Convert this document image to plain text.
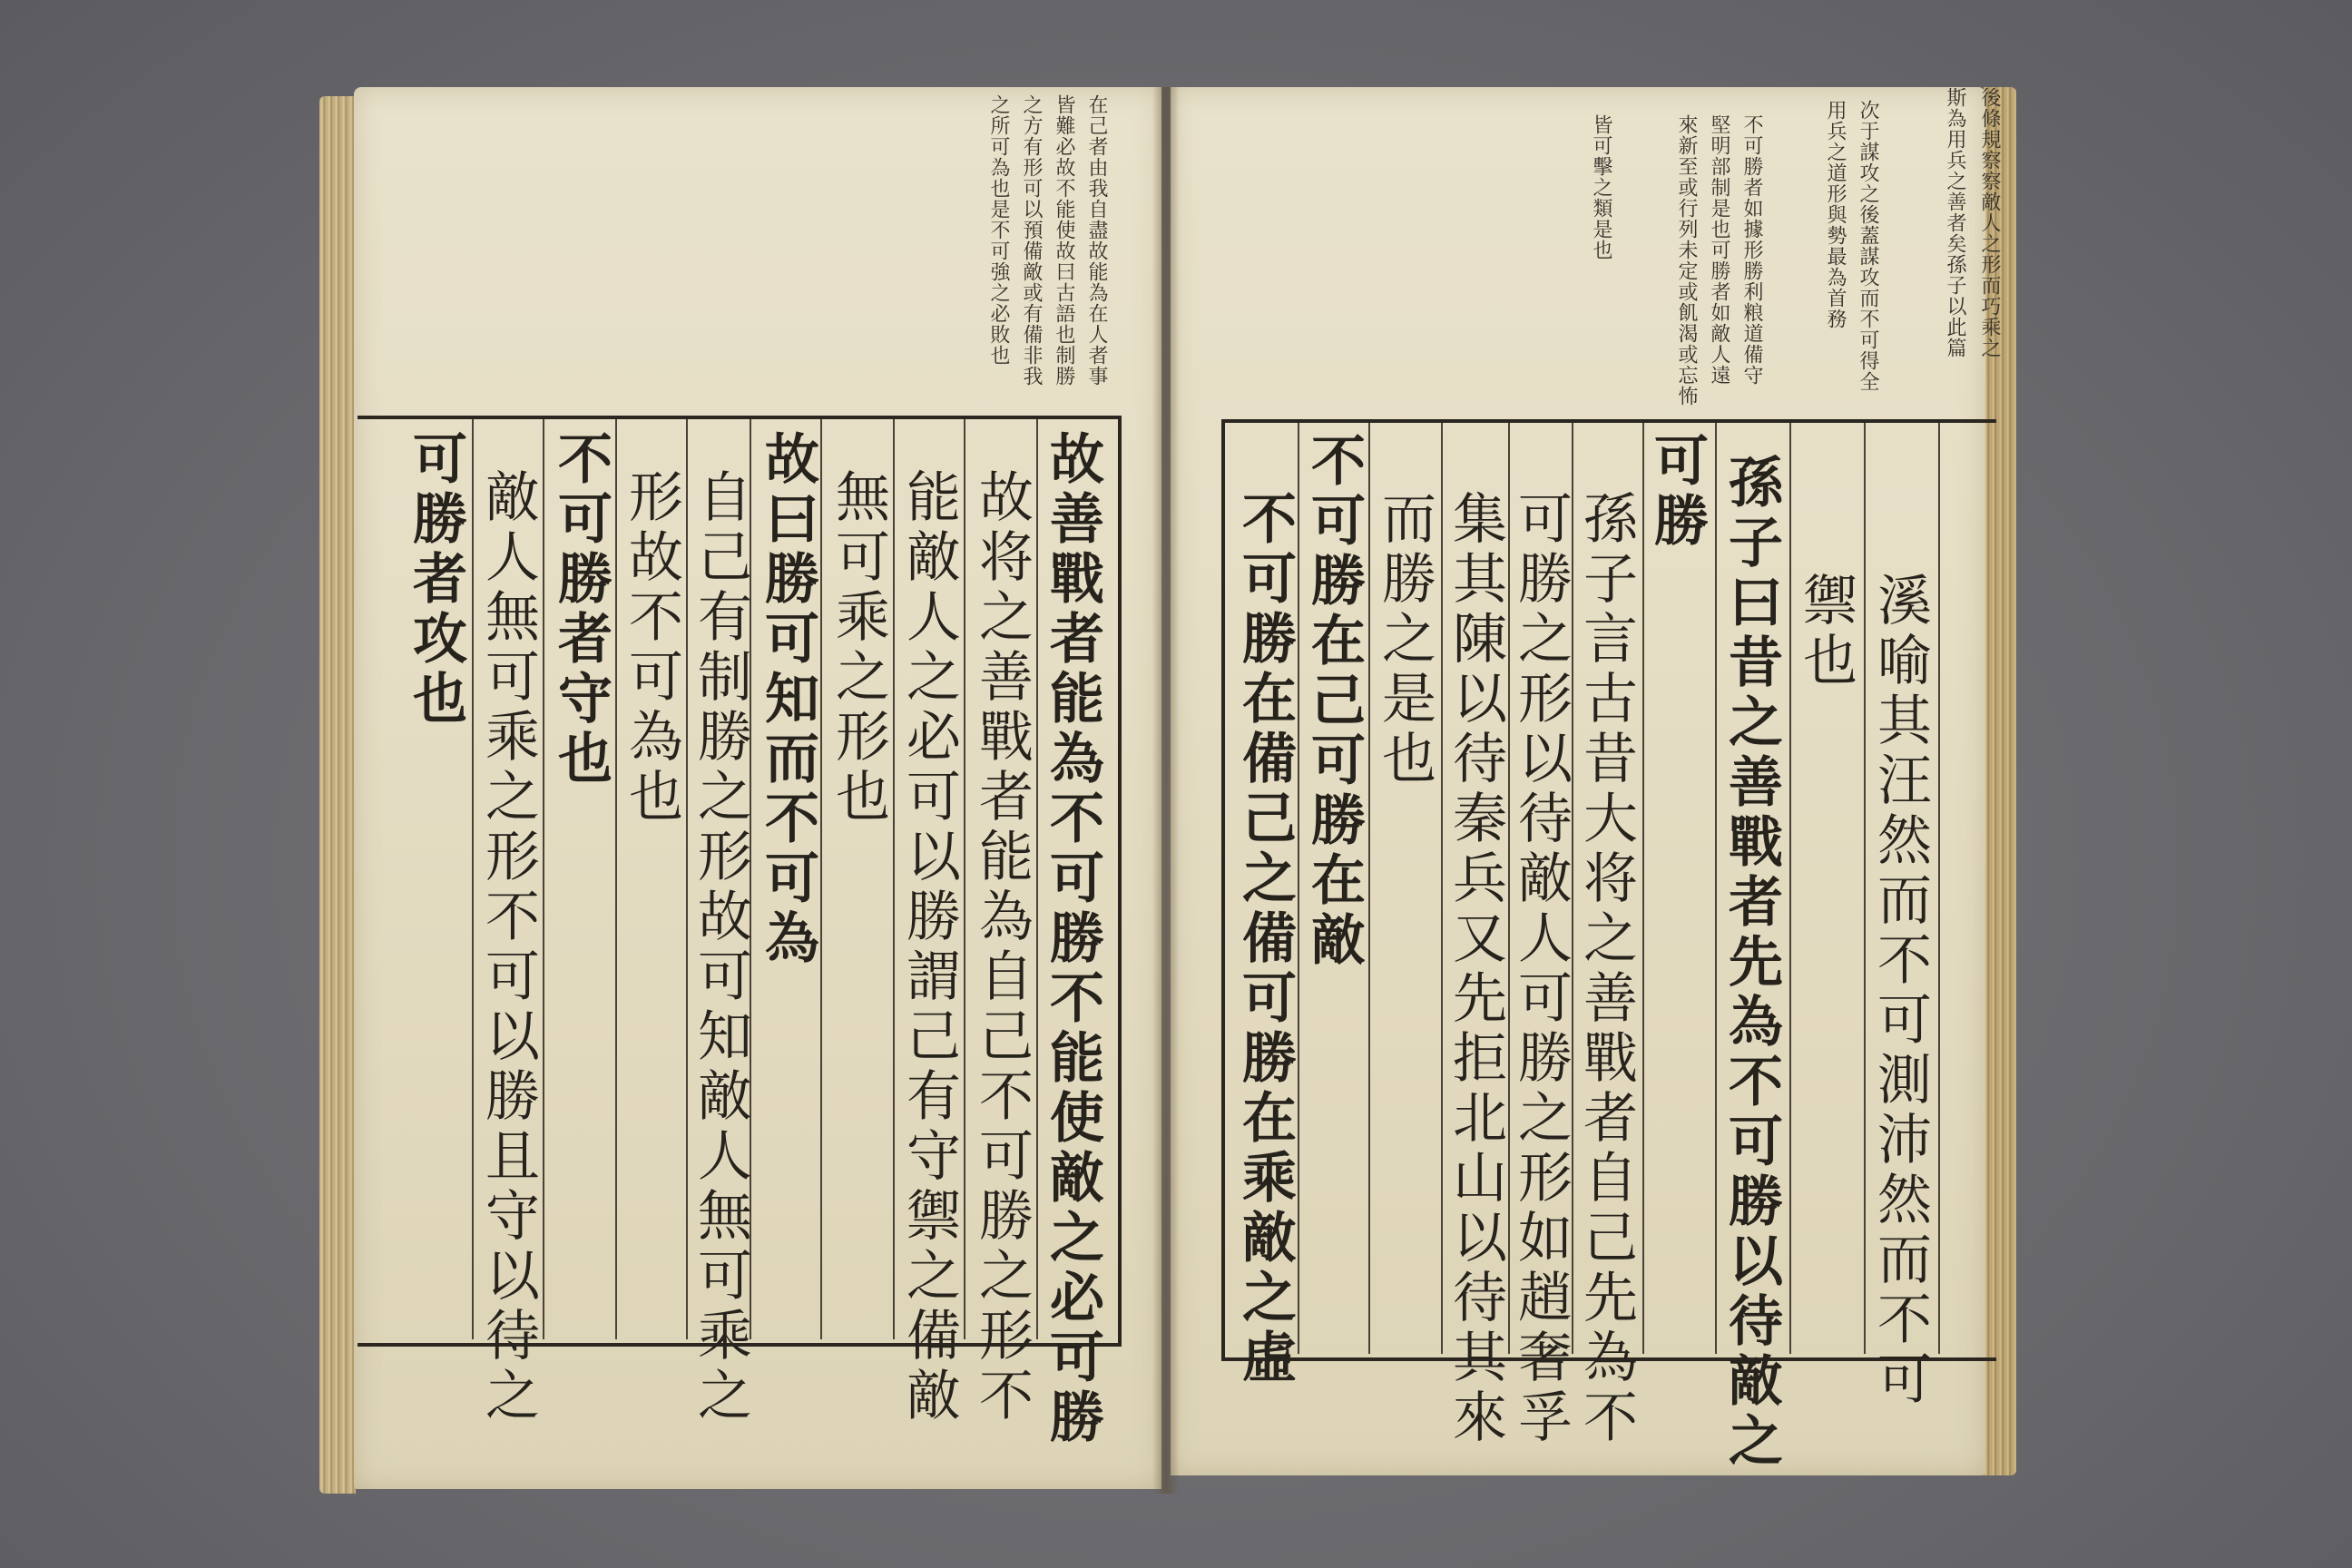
在己者由我自盡故能為在人者事
皆難必故不能使故曰古語也制勝
之方有形可以預備敵或有備非我
之所可為也是不可強之必敗也
故善戰者能為不可勝不能使敵之必可勝
故将之善戰者能為自己不可勝之形不
能敵人之必可以勝謂己有守禦之備敵
無可乘之形也
故曰勝可知而不可為
自己有制勝之形故可知敵人無可乘之
形故不可為也
不可勝者守也
敵人無可乘之形不可以勝且守以待之
可勝者攻也
後條規察察敵人之形而巧乘之
斯為用兵之善者矣孫子以此篇
次于謀攻之後蓋謀攻而不可得全
用兵之道形與勢最為首務
不可勝者如據形勝利粮道備守
堅明部制是也可勝者如敵人遠
來新至或行列未定或飢渴或忘怖
皆可擊之類是也
溪喻其汪然而不可測沛然而不可
禦也
孫子曰昔之善戰者先為不可勝以待敵之
可勝
孫子言古昔大将之善戰者自己先為不
可勝之形以待敵人可勝之形如趙奢孚
集其陳以待秦兵又先拒北山以待其來
而勝之是也
不可勝在己可勝在敵
不可勝在備己之備可勝在乘敵之虛
